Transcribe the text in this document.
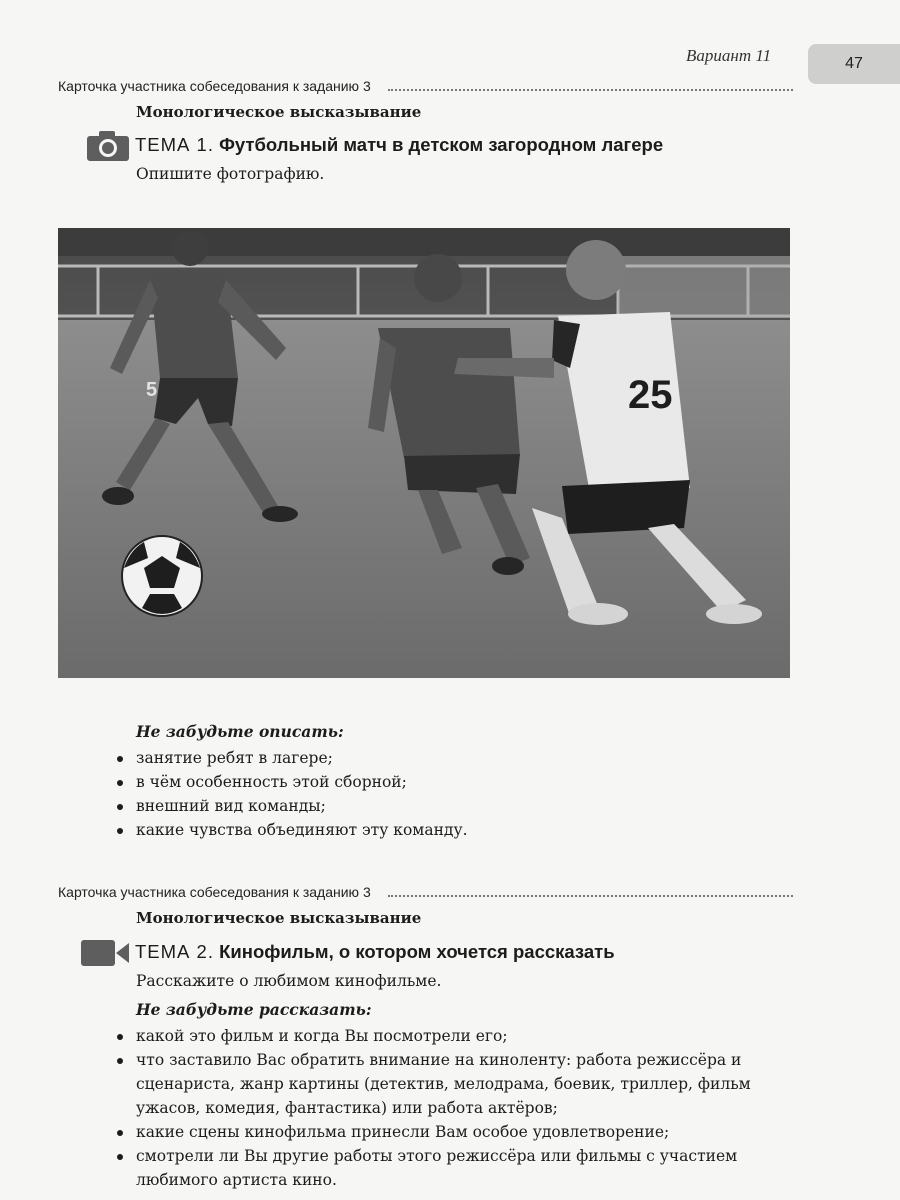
Вариант 11	47
Карточка участника собеседования к заданию 3
Монологическое высказывание
ТЕМА 1. Футбольный матч в детском загородном лагере
Опишите фотографию.
5	25
Не забудьте описать:
занятие ребят в лагере;
в чём особенность этой сборной;
внешний вид команды;
какие чувства объединяют эту команду.
Карточка участника собеседования к заданию 3
Монологическое высказывание
ТЕМА 2. Кинофильм, о котором хочется рассказать
Расскажите о любимом кинофильме.
Не забудьте рассказать:
какой это фильм и когда Вы посмотрели его;
что заставило Вас обратить внимание на киноленту: работа режиссёра и сценариста, жанр картины (детектив, мелодрама, боевик, триллер, фильм ужасов, комедия, фантастика) или работа актёров;
какие сцены кинофильма принесли Вам особое удовлетворение;
смотрели ли Вы другие работы этого режиссёра или фильмы с участием любимого артиста кино.
